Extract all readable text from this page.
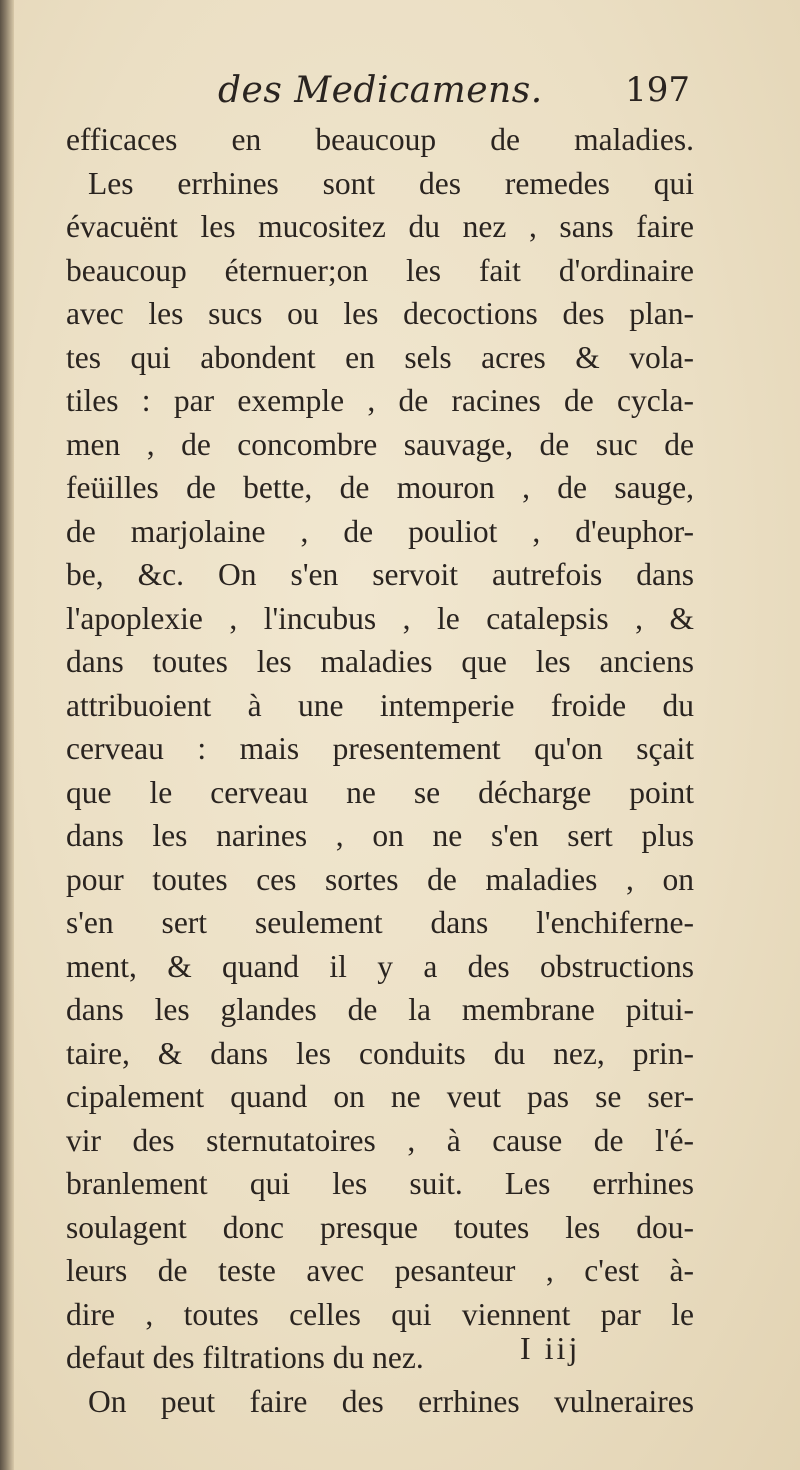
des Medicamens. 197
efficaces en beaucoup de maladies.
Les errhines sont des remedes qui
évacuënt les mucositez du nez , sans faire
beaucoup éternuer;on les fait d'ordinaire
avec les sucs ou les decoctions des plan-
tes qui abondent en sels acres & vola-
tiles : par exemple , de racines de cycla-
men , de concombre sauvage, de suc de
feüilles de bette, de mouron , de sauge,
de marjolaine , de pouliot , d'euphor-
be, &c. On s'en servoit autrefois dans
l'apoplexie , l'incubus , le catalepsis , &
dans toutes les maladies que les anciens
attribuoient à une intemperie froide du
cerveau : mais presentement qu'on sçait
que le cerveau ne se décharge point
dans les narines , on ne s'en sert plus
pour toutes ces sortes de maladies , on
s'en sert seulement dans l'enchiferne-
ment, & quand il y a des obstructions
dans les glandes de la membrane pitui-
taire, & dans les conduits du nez, prin-
cipalement quand on ne veut pas se ser-
vir des sternutatoires , à cause de l'é-
branlement qui les suit. Les errhines
soulagent donc presque toutes les dou-
leurs de teste avec pesanteur , c'est à-
dire , toutes celles qui viennent par le
defaut des filtrations du nez.
On peut faire des errhines vulneraires
I iij
